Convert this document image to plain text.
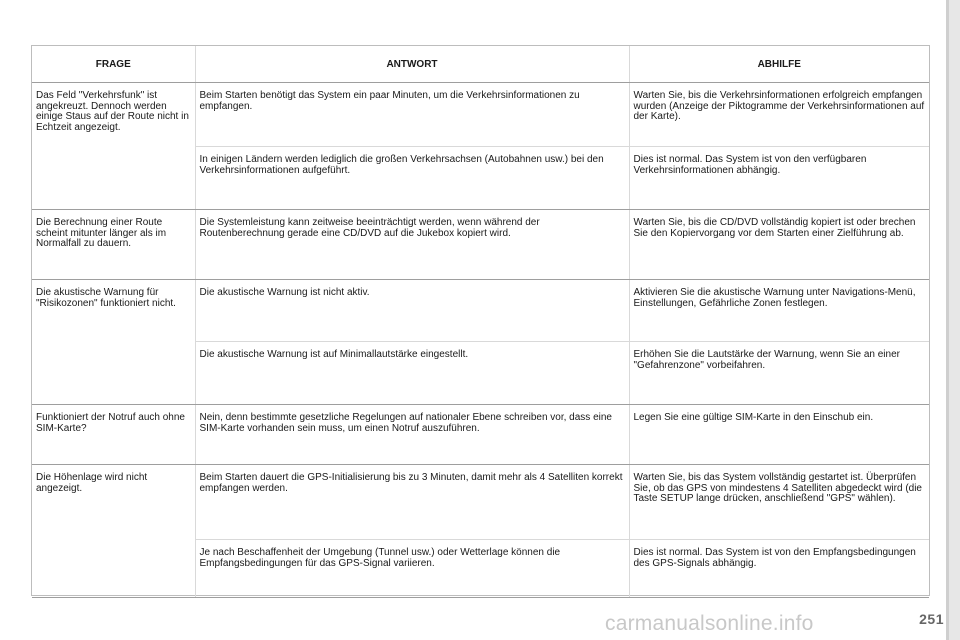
FRAGE	ANTWORT	ABHILFE
Das Feld "Verkehrsfunk" ist angekreuzt. Dennoch werden einige Staus auf der Route nicht in Echtzeit angezeigt.	Beim Starten benötigt das System ein paar Minuten, um die Verkehrsinformationen zu empfangen.	Warten Sie, bis die Verkehrsinformationen erfolgreich empfangen wurden (Anzeige der Piktogramme der Verkehrsinformationen auf der Karte).
	In einigen Ländern werden lediglich die großen Verkehrsachsen (Autobahnen usw.) bei den Verkehrsinformationen aufgeführt.	Dies ist normal. Das System ist von den verfügbaren Verkehrsinformationen abhängig.
Die Berechnung einer Route scheint mitunter länger als im Normalfall zu dauern.	Die Systemleistung kann zeitweise beeinträchtigt werden, wenn während der Routenberechnung gerade eine CD/DVD auf die Jukebox kopiert wird.	Warten Sie, bis die CD/DVD vollständig kopiert ist oder brechen Sie den Kopiervorgang vor dem Starten einer Zielführung ab.
Die akustische Warnung für "Risikozonen" funktioniert nicht.	Die akustische Warnung ist nicht aktiv.	Aktivieren Sie die akustische Warnung unter Navigations-Menü, Einstellungen, Gefährliche Zonen festlegen.
	Die akustische Warnung ist auf Minimallautstärke eingestellt.	Erhöhen Sie die Lautstärke der Warnung, wenn Sie an einer "Gefahrenzone" vorbeifahren.
Funktioniert der Notruf auch ohne SIM-Karte?	Nein, denn bestimmte gesetzliche Regelungen auf nationaler Ebene schreiben vor, dass eine SIM-Karte vorhanden sein muss, um einen Notruf auszuführen.	Legen Sie eine gültige SIM-Karte in den Einschub ein.
Die Höhenlage wird nicht angezeigt.	Beim Starten dauert die GPS-Initialisierung bis zu 3 Minuten, damit mehr als 4 Satelliten korrekt empfangen werden.	Warten Sie, bis das System vollständig gestartet ist. Überprüfen Sie, ob das GPS von mindestens 4 Satelliten abgedeckt wird (die Taste SETUP lange drücken, anschließend "GPS" wählen).
	Je nach Beschaffenheit der Umgebung (Tunnel usw.) oder Wetterlage können die Empfangsbedingungen für das GPS-Signal variieren.	Dies ist normal. Das System ist von den Empfangsbedingungen des GPS-Signals abhängig.
carmanualsonline.info	251
